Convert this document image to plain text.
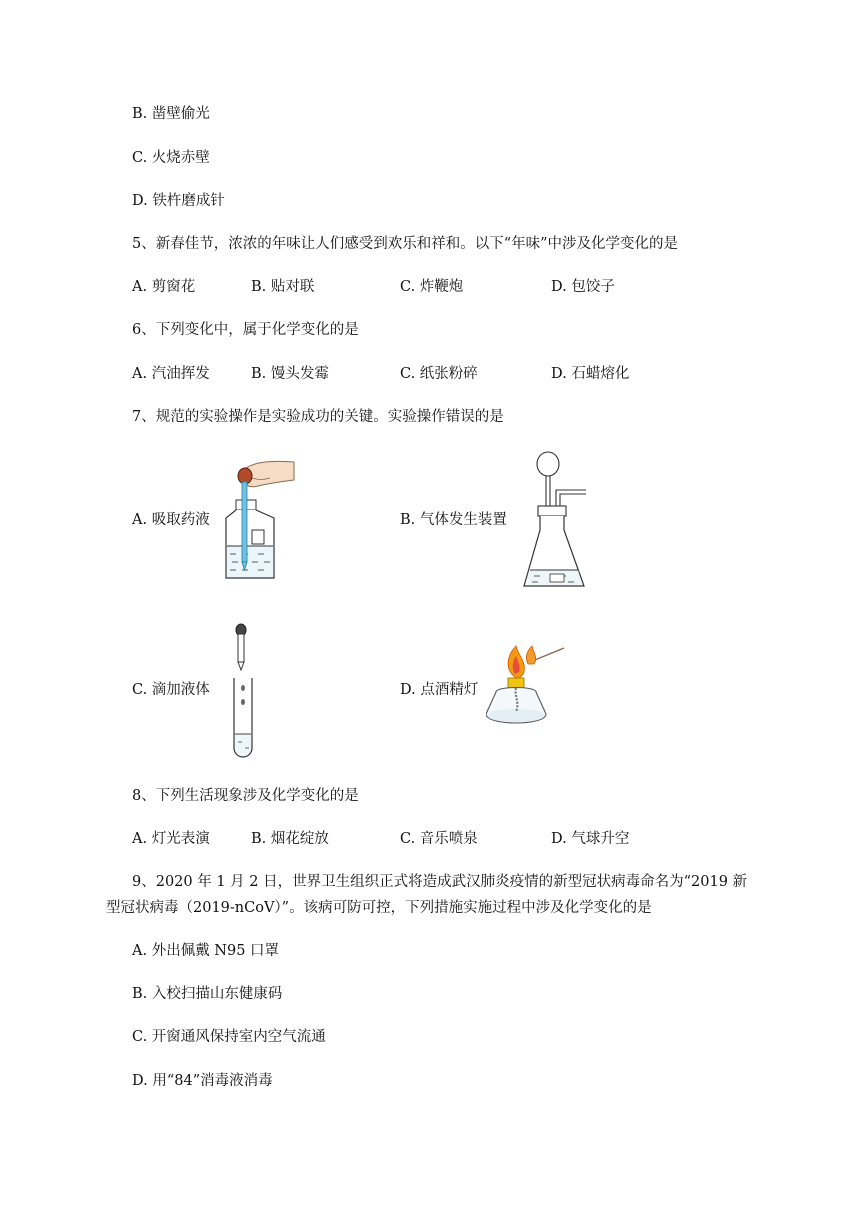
B. 凿壁偷光
C. 火烧赤壁
D. 铁杵磨成针
5、新春佳节，浓浓的年味让人们感受到欢乐和祥和。以下“年味”中涉及化学变化的是
A. 剪窗花	B. 贴对联	C. 炸鞭炮	D. 包饺子
6、下列变化中，属于化学变化的是
A. 汽油挥发	B. 馒头发霉	C. 纸张粉碎	D. 石蜡熔化
7、规范的实验操作是实验成功的关键。实验操作错误的是
A. 吸取药液	B. 气体发生装置
C. 滴加液体	D. 点酒精灯
8、下列生活现象涉及化学变化的是
A. 灯光表演	B. 烟花绽放	C. 音乐喷泉	D. 气球升空
9、2020 年 1 月 2 日，世界卫生组织正式将造成武汉肺炎疫情的新型冠状病毒命名为“2019 新
型冠状病毒（2019-nCoV）”。该病可防可控，下列措施实施过程中涉及化学变化的是
A. 外出佩戴 N95 口罩
B. 入校扫描山东健康码
C. 开窗通风保持室内空气流通
D. 用“84”消毒液消毒
